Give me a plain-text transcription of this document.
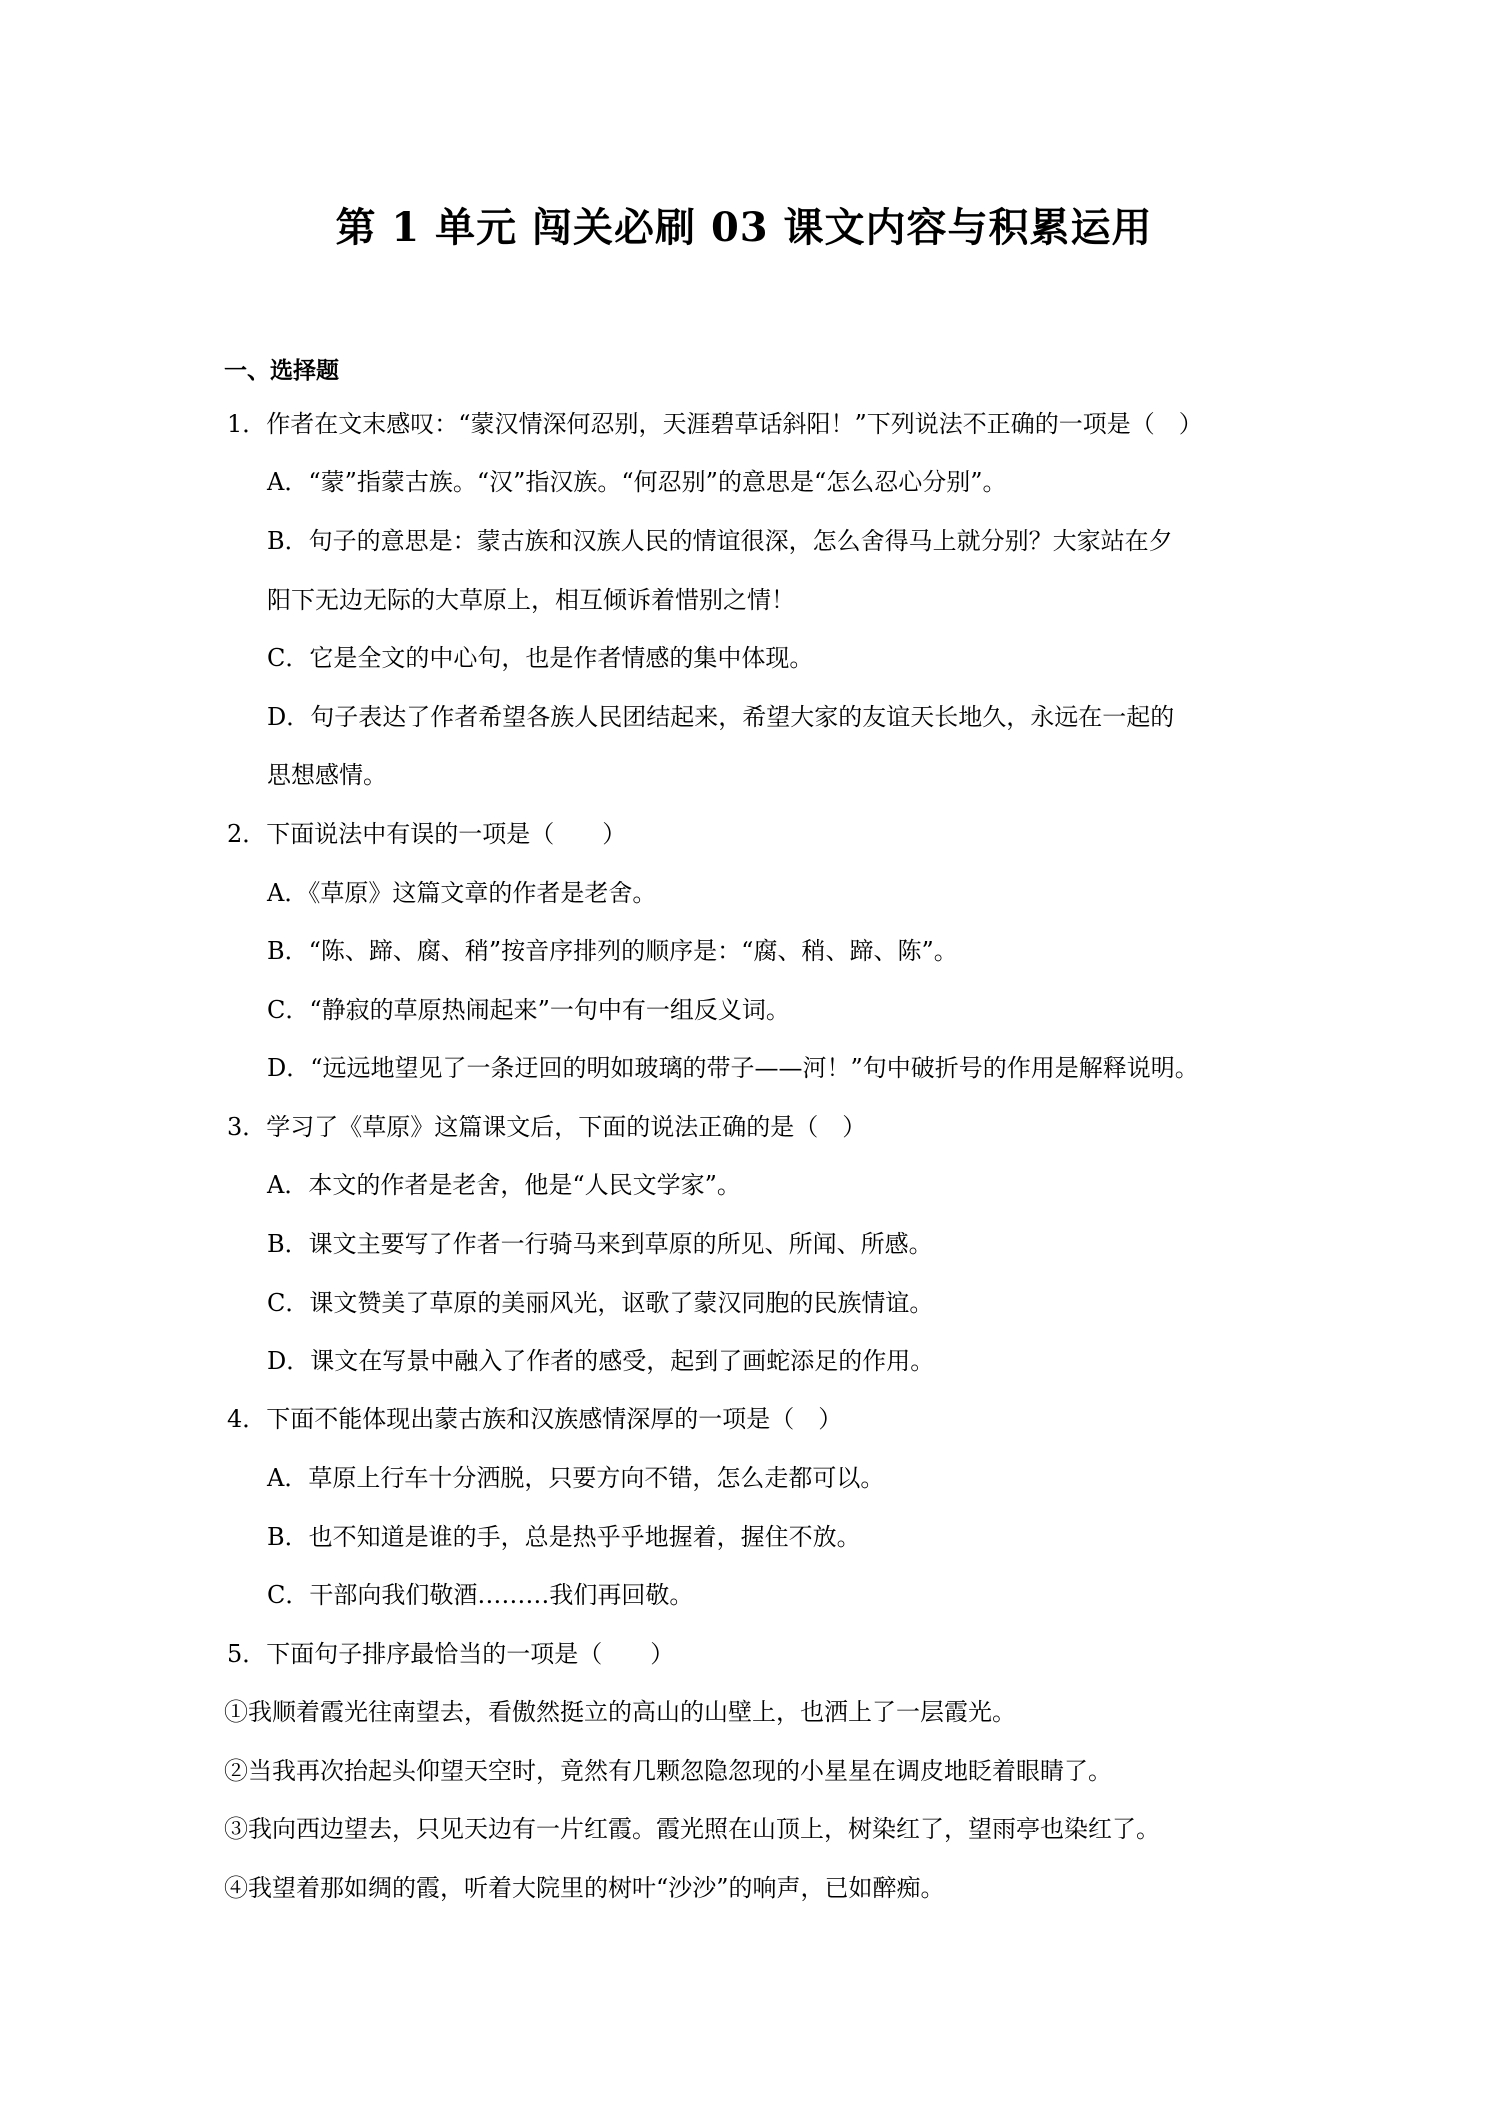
第 1 单元 闯关必刷 03 课文内容与积累运用
一、选择题
1．作者在文末感叹：“蒙汉情深何忍别，天涯碧草话斜阳！”下列说法不正确的一项是（　）
A．“蒙”指蒙古族。“汉”指汉族。“何忍别”的意思是“怎么忍心分别”。
B．句子的意思是：蒙古族和汉族人民的情谊很深，怎么舍得马上就分别？大家站在夕
阳下无边无际的大草原上，相互倾诉着惜别之情！
C．它是全文的中心句，也是作者情感的集中体现。
D．句子表达了作者希望各族人民团结起来，希望大家的友谊天长地久，永远在一起的
思想感情。
2．下面说法中有误的一项是（　　）
A．《草原》这篇文章的作者是老舍。
B．“陈、蹄、腐、稍”按音序排列的顺序是：“腐、稍、蹄、陈”。
C．“静寂的草原热闹起来”一句中有一组反义词。
D．“远远地望见了一条迂回的明如玻璃的带子——河！”句中破折号的作用是解释说明。
3．学习了《草原》这篇课文后，下面的说法正确的是（　）
A．本文的作者是老舍，他是“人民文学家”。
B．课文主要写了作者一行骑马来到草原的所见、所闻、所感。
C．课文赞美了草原的美丽风光，讴歌了蒙汉同胞的民族情谊。
D．课文在写景中融入了作者的感受，起到了画蛇添足的作用。
4．下面不能体现出蒙古族和汉族感情深厚的一项是（　）
A．草原上行车十分洒脱，只要方向不错，怎么走都可以。
B．也不知道是谁的手，总是热乎乎地握着，握住不放。
C．干部向我们敬酒………我们再回敬。
5．下面句子排序最恰当的一项是（　　）
①我顺着霞光往南望去，看傲然挺立的高山的山壁上，也洒上了一层霞光。
②当我再次抬起头仰望天空时，竟然有几颗忽隐忽现的小星星在调皮地眨着眼睛了。
③我向西边望去，只见天边有一片红霞。霞光照在山顶上，树染红了，望雨亭也染红了。
④我望着那如绸的霞，听着大院里的树叶“沙沙”的响声，已如醉痴。
